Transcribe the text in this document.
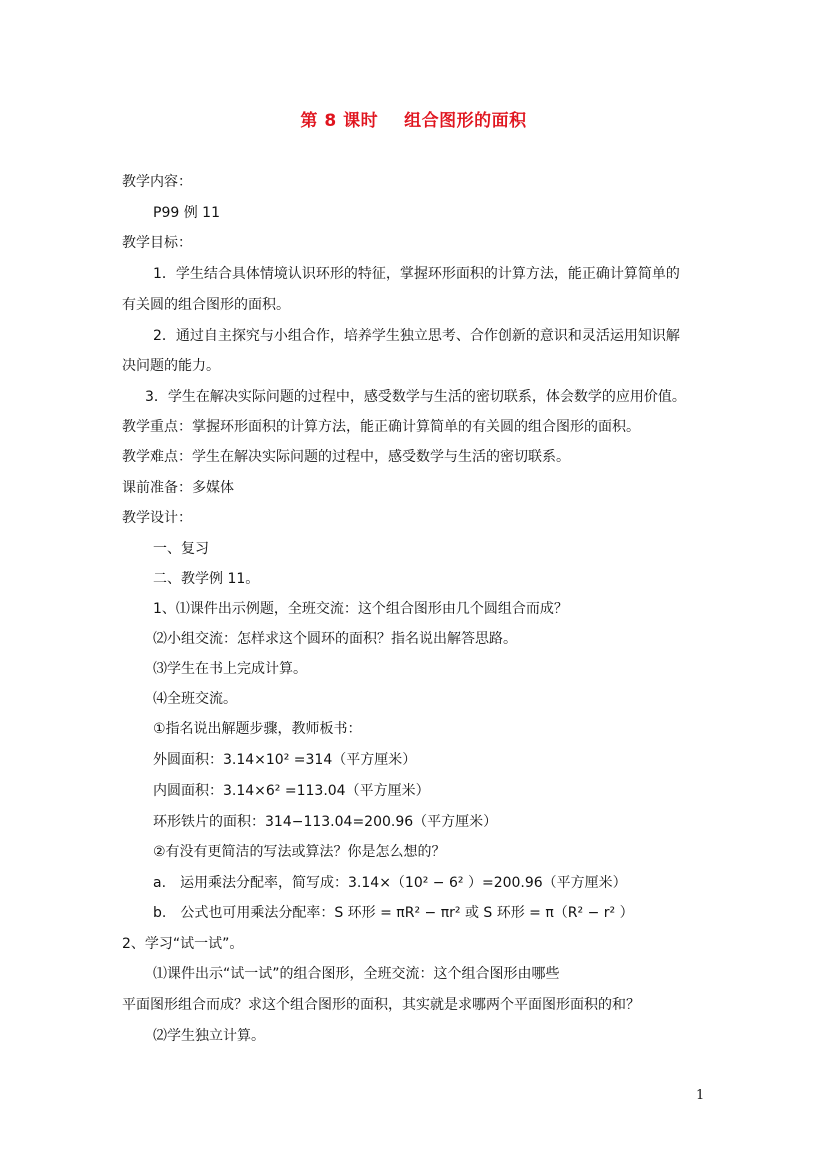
第 8 课时 组合图形的面积
教学内容：
P99 例 11
教学目标：
1．学生结合具体情境认识环形的特征，掌握环形面积的计算方法，能正确计算简单的
有关圆的组合图形的面积。
2．通过自主探究与小组合作，培养学生独立思考、合作创新的意识和灵活运用知识解
决问题的能力。
3．学生在解决实际问题的过程中，感受数学与生活的密切联系，体会数学的应用价值。
教学重点：掌握环形面积的计算方法，能正确计算简单的有关圆的组合图形的面积。
教学难点：学生在解决实际问题的过程中，感受数学与生活的密切联系。
课前准备：多媒体
教学设计：
一、复习
二、教学例 11。
1、⑴课件出示例题，全班交流：这个组合图形由几个圆组合而成？
⑵小组交流：怎样求这个圆环的面积？指名说出解答思路。
⑶学生在书上完成计算。
⑷全班交流。
①指名说出解题步骤，教师板书：
外圆面积：3.14×10² =314（平方厘米）
内圆面积：3.14×6² =113.04（平方厘米）
环形铁片的面积：314−113.04=200.96（平方厘米）
②有没有更简洁的写法或算法？你是怎么想的？
a.　运用乘法分配率，简写成：3.14×（10² − 6² ）=200.96（平方厘米）
b.　公式也可用乘法分配率：S 环形 = πR² − πr² 或 S 环形 = π（R² − r² ）
2、学习“试一试”。
⑴课件出示“试一试”的组合图形，全班交流：这个组合图形由哪些
平面图形组合而成？求这个组合图形的面积，其实就是求哪两个平面图形面积的和？
⑵学生独立计算。
1
